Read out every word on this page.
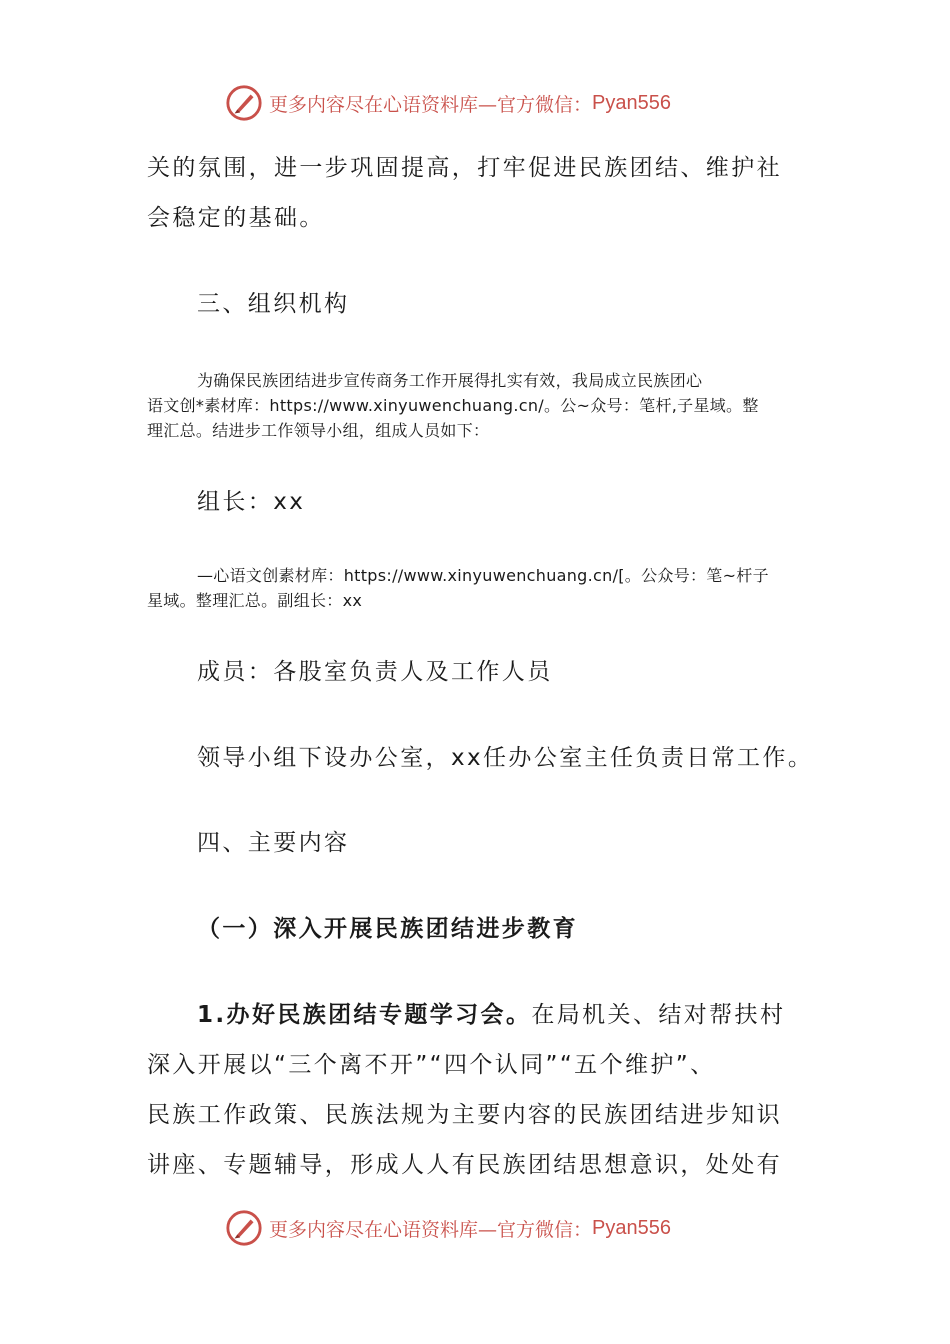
更多内容尽在心语资料库—官方微信： Pyan556

关的氛围，进一步巩固提高，打牢促进民族团结、维护社

会稳定的基础。

三、组织机构

为确保民族团结进步宣传商务工作开展得扎实有效，我局成立民族团心

语文创*素材库：https://www.xinyuwenchuang.cn/。公~众号：笔杆,子星域。整

理汇总。结进步工作领导小组，组成人员如下：

组长：xx

—心语文创素材库：https://www.xinyuwenchuang.cn/[。公众号：笔~杆子

星域。整理汇总。副组长：xx

成员：各股室负责人及工作人员

领导小组下设办公室，xx任办公室主任负责日常工作。

四、主要内容

（一）深入开展民族团结进步教育

1.办好民族团结专题学习会。在局机关、结对帮扶村

深入开展以“三个离不开”“四个认同”“五个维护”、

民族工作政策、民族法规为主要内容的民族团结进步知识

讲座、专题辅导，形成人人有民族团结思想意识，处处有

更多内容尽在心语资料库—官方微信： Pyan556
